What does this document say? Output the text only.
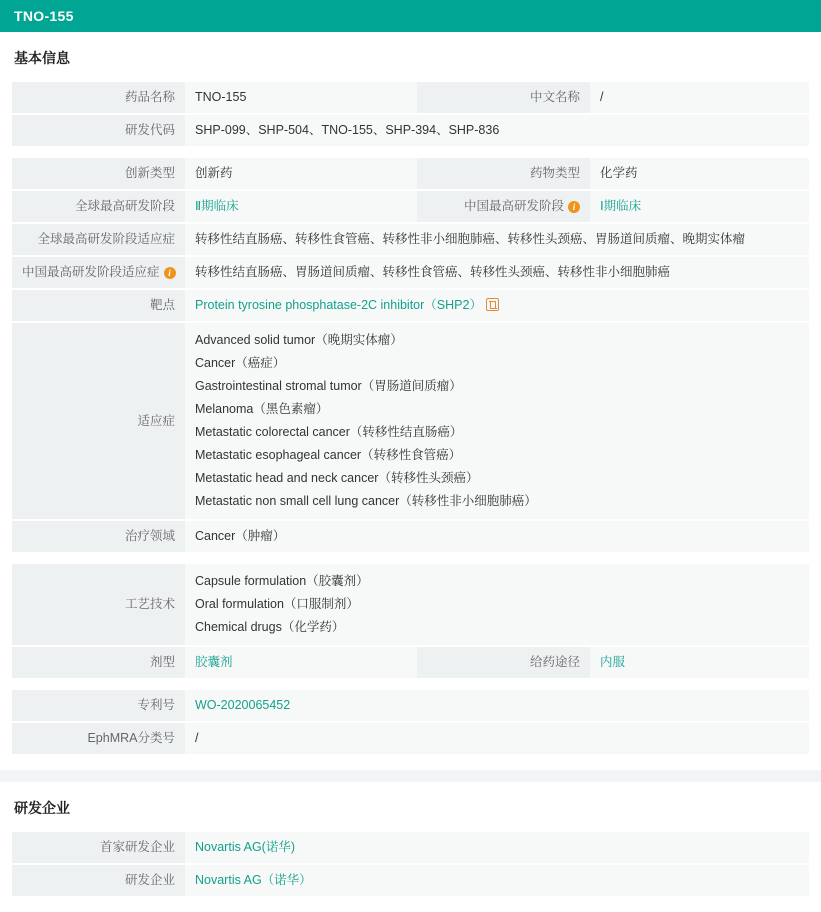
TNO-155
基本信息
药品名称	TNO-155	中文名称	/
研发代码	SHP-099、SHP-504、TNO-155、SHP-394、SHP-836		

创新类型	创新药	药物类型	化学药
全球最高研发阶段	Ⅱ期临床	中国最高研发阶段 i	Ⅰ期临床
全球最高研发阶段适应症	转移性结直肠癌、转移性食管癌、转移性非小细胞肺癌、转移性头颈癌、胃肠道间质瘤、晚期实体瘤		
中国最高研发阶段适应症 i	转移性结直肠癌、胃肠道间质瘤、转移性食管癌、转移性头颈癌、转移性非小细胞肺癌		
靶点	Protein tyrosine phosphatase-2C inhibitor（SHP2）		
适应症	
Advanced solid tumor（晚期实体瘤）
Cancer（癌症）
Gastrointestinal stromal tumor（胃肠道间质瘤）
Melanoma（黑色素瘤）
Metastatic colorectal cancer（转移性结直肠癌）
Metastatic esophageal cancer（转移性食管癌）
Metastatic head and neck cancer（转移性头颈癌）
Metastatic non small cell lung cancer（转移性非小细胞肺癌）

治疗领域	Cancer（肿瘤）		

工艺技术	Capsule formulation（胶囊剂）
Oral formulation（口服制剂）
Chemical drugs（化学药）		

剂型	胶囊剂	给药途径	内服

专利号	WO-2020065452		
EphMRA分类号	/		
研发企业
首家研发企业	Novartis AG(诺华)
研发企业	Novartis AG（诺华）
